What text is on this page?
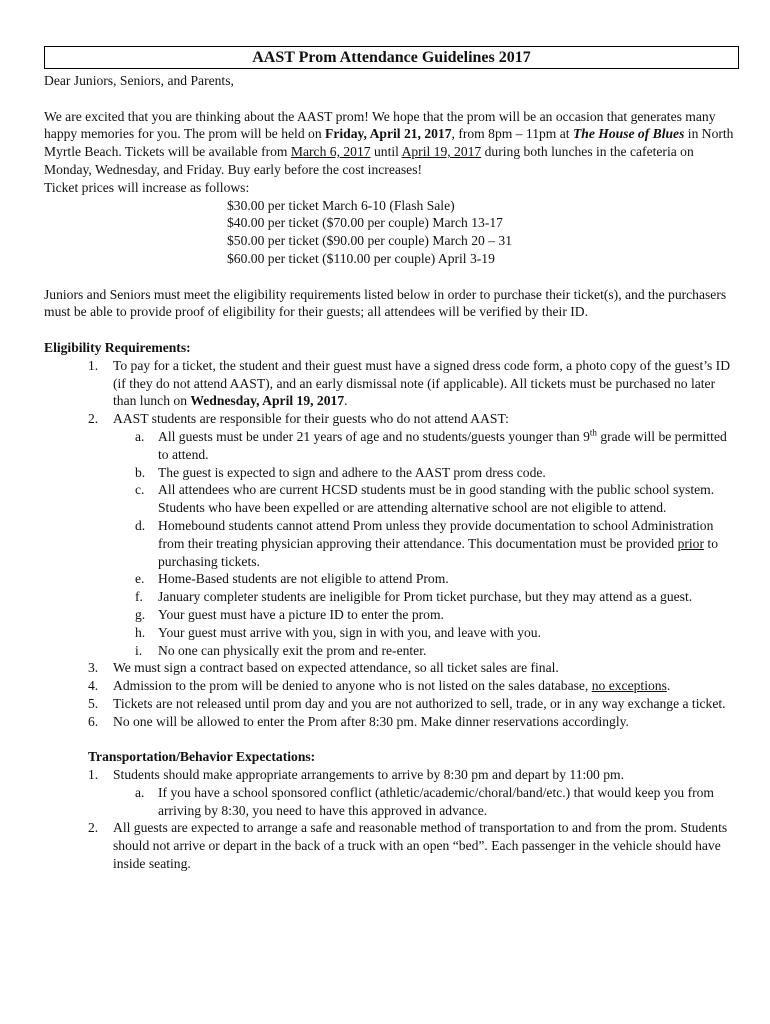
AAST Prom Attendance Guidelines 2017

Dear Juniors, Seniors, and Parents,

We are excited that you are thinking about the AAST prom! We hope that the prom will be an occasion that generates many happy memories for you. The prom will be held on Friday, April 21, 2017, from 8pm – 11pm at The House of Blues in North Myrtle Beach. Tickets will be available from March 6, 2017 until April 19, 2017 during both lunches in the cafeteria on Monday, Wednesday, and Friday. Buy early before the cost increases!

Ticket prices will increase as follows:

$30.00 per ticket March 6-10 (Flash Sale)

$40.00 per ticket ($70.00 per couple) March 13-17

$50.00 per ticket ($90.00 per couple) March 20 – 31

$60.00 per ticket ($110.00 per couple) April 3-19

Juniors and Seniors must meet the eligibility requirements listed below in order to purchase their ticket(s), and the purchasers must be able to provide proof of eligibility for their guests; all attendees will be verified by their ID.

Eligibility Requirements:

1. To pay for a ticket, the student and their guest must have a signed dress code form, a photo copy of the guest’s ID (if they do not attend AAST), and an early dismissal note (if applicable). All tickets must be purchased no later than lunch on Wednesday, April 19, 2017.
2. AAST students are responsible for their guests who do not attend AAST:
a. All guests must be under 21 years of age and no students/guests younger than 9th grade will be permitted to attend.
b. The guest is expected to sign and adhere to the AAST prom dress code.
c. All attendees who are current HCSD students must be in good standing with the public school system. Students who have been expelled or are attending alternative school are not eligible to attend.
d. Homebound students cannot attend Prom unless they provide documentation to school Administration from their treating physician approving their attendance. This documentation must be provided prior to purchasing tickets.
e. Home-Based students are not eligible to attend Prom.
f. January completer students are ineligible for Prom ticket purchase, but they may attend as a guest.
g. Your guest must have a picture ID to enter the prom.
h. Your guest must arrive with you, sign in with you, and leave with you.
i. No one can physically exit the prom and re-enter.
3. We must sign a contract based on expected attendance, so all ticket sales are final.
4. Admission to the prom will be denied to anyone who is not listed on the sales database, no exceptions.
5. Tickets are not released until prom day and you are not authorized to sell, trade, or in any way exchange a ticket.
6. No one will be allowed to enter the Prom after 8:30 pm. Make dinner reservations accordingly.

Transportation/Behavior Expectations:

1. Students should make appropriate arrangements to arrive by 8:30 pm and depart by 11:00 pm.
a. If you have a school sponsored conflict (athletic/academic/choral/band/etc.) that would keep you from arriving by 8:30, you need to have this approved in advance.
2. All guests are expected to arrange a safe and reasonable method of transportation to and from the prom. Students should not arrive or depart in the back of a truck with an open “bed”. Each passenger in the vehicle should have inside seating.
